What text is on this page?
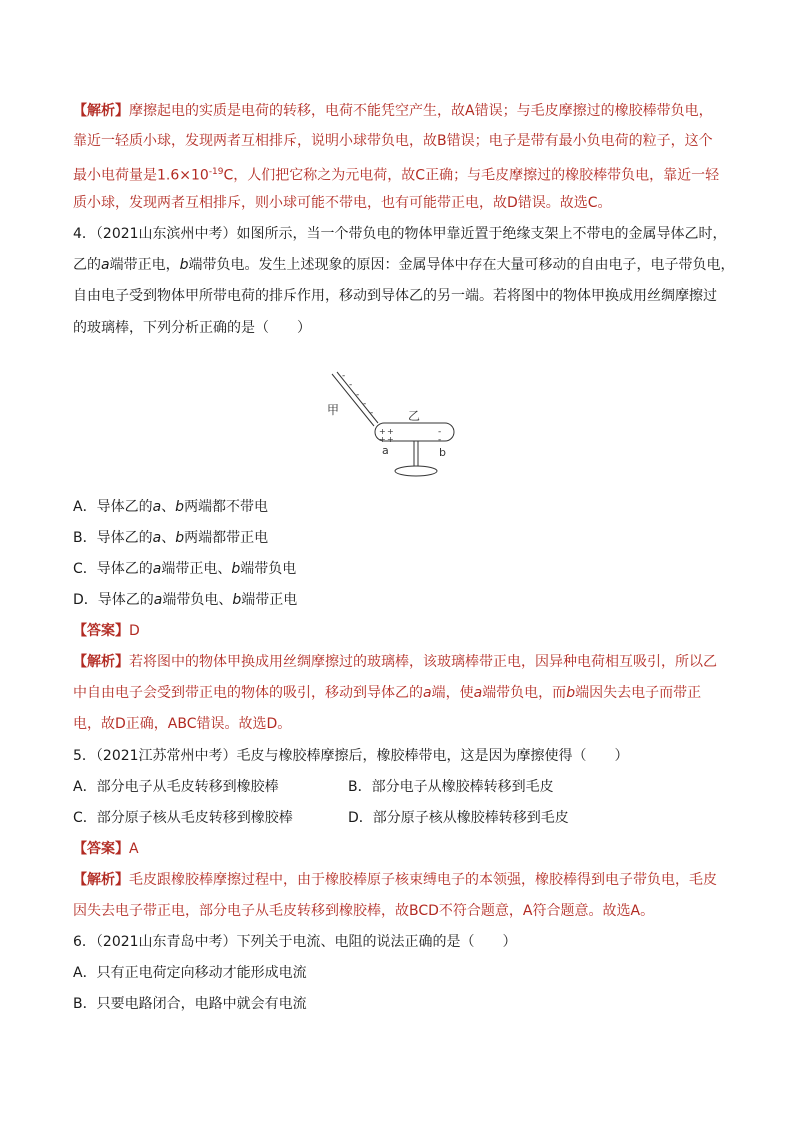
【解析】摩擦起电的实质是电荷的转移，电荷不能凭空产生，故A错误；与毛皮摩擦过的橡胶棒带负电，
靠近一轻质小球，发现两者互相排斥，说明小球带负电，故B错误；电子是带有最小负电荷的粒子，这个
最小电荷量是$1.6\times 10^{-19}C$，人们把它称之为元电荷，故C正确；与毛皮摩擦过的橡胶棒带负电，靠近一轻
质小球，发现两者互相排斥，则小球可能不带电，也有可能带正电，故D错误。故选C。
4．（2021山东滨州中考）如图所示，当一个带负电的物体甲靠近置于绝缘支架上不带电的金属导体乙时，
乙的a端带正电，b端带负电。发生上述现象的原因：金属导体中存在大量可移动的自由电子，电子带负电，
自由电子受到物体甲所带电荷的排斥作用，移动到导体乙的另一端。若将图中的物体甲换成用丝绸摩擦过
的玻璃棒，下列分析正确的是（　　）
-
-
-
-
-
甲	乙
+ +
+ +
-
-
a	b
A．导体乙的a、b两端都不带电
B．导体乙的a、b两端都带正电
C．导体乙的a端带正电、b端带负电
D．导体乙的a端带负电、b端带正电
【答案】D
【解析】若将图中的物体甲换成用丝绸摩擦过的玻璃棒，该玻璃棒带正电，因异种电荷相互吸引，所以乙
中自由电子会受到带正电的物体的吸引，移动到导体乙的a端，使a端带负电，而b端因失去电子而带正
电，故D正确，ABC错误。故选D。
5．（2021江苏常州中考）毛皮与橡胶棒摩擦后，橡胶棒带电，这是因为摩擦使得（　　）
A．部分电子从毛皮转移到橡胶棒	B．部分电子从橡胶棒转移到毛皮
C．部分原子核从毛皮转移到橡胶棒	D．部分原子核从橡胶棒转移到毛皮
【答案】A
【解析】毛皮跟橡胶棒摩擦过程中，由于橡胶棒原子核束缚电子的本领强，橡胶棒得到电子带负电，毛皮
因失去电子带正电，部分电子从毛皮转移到橡胶棒，故BCD不符合题意，A符合题意。故选A。
6．（2021山东青岛中考）下列关于电流、电阻的说法正确的是（　　）
A．只有正电荷定向移动才能形成电流
B．只要电路闭合，电路中就会有电流
